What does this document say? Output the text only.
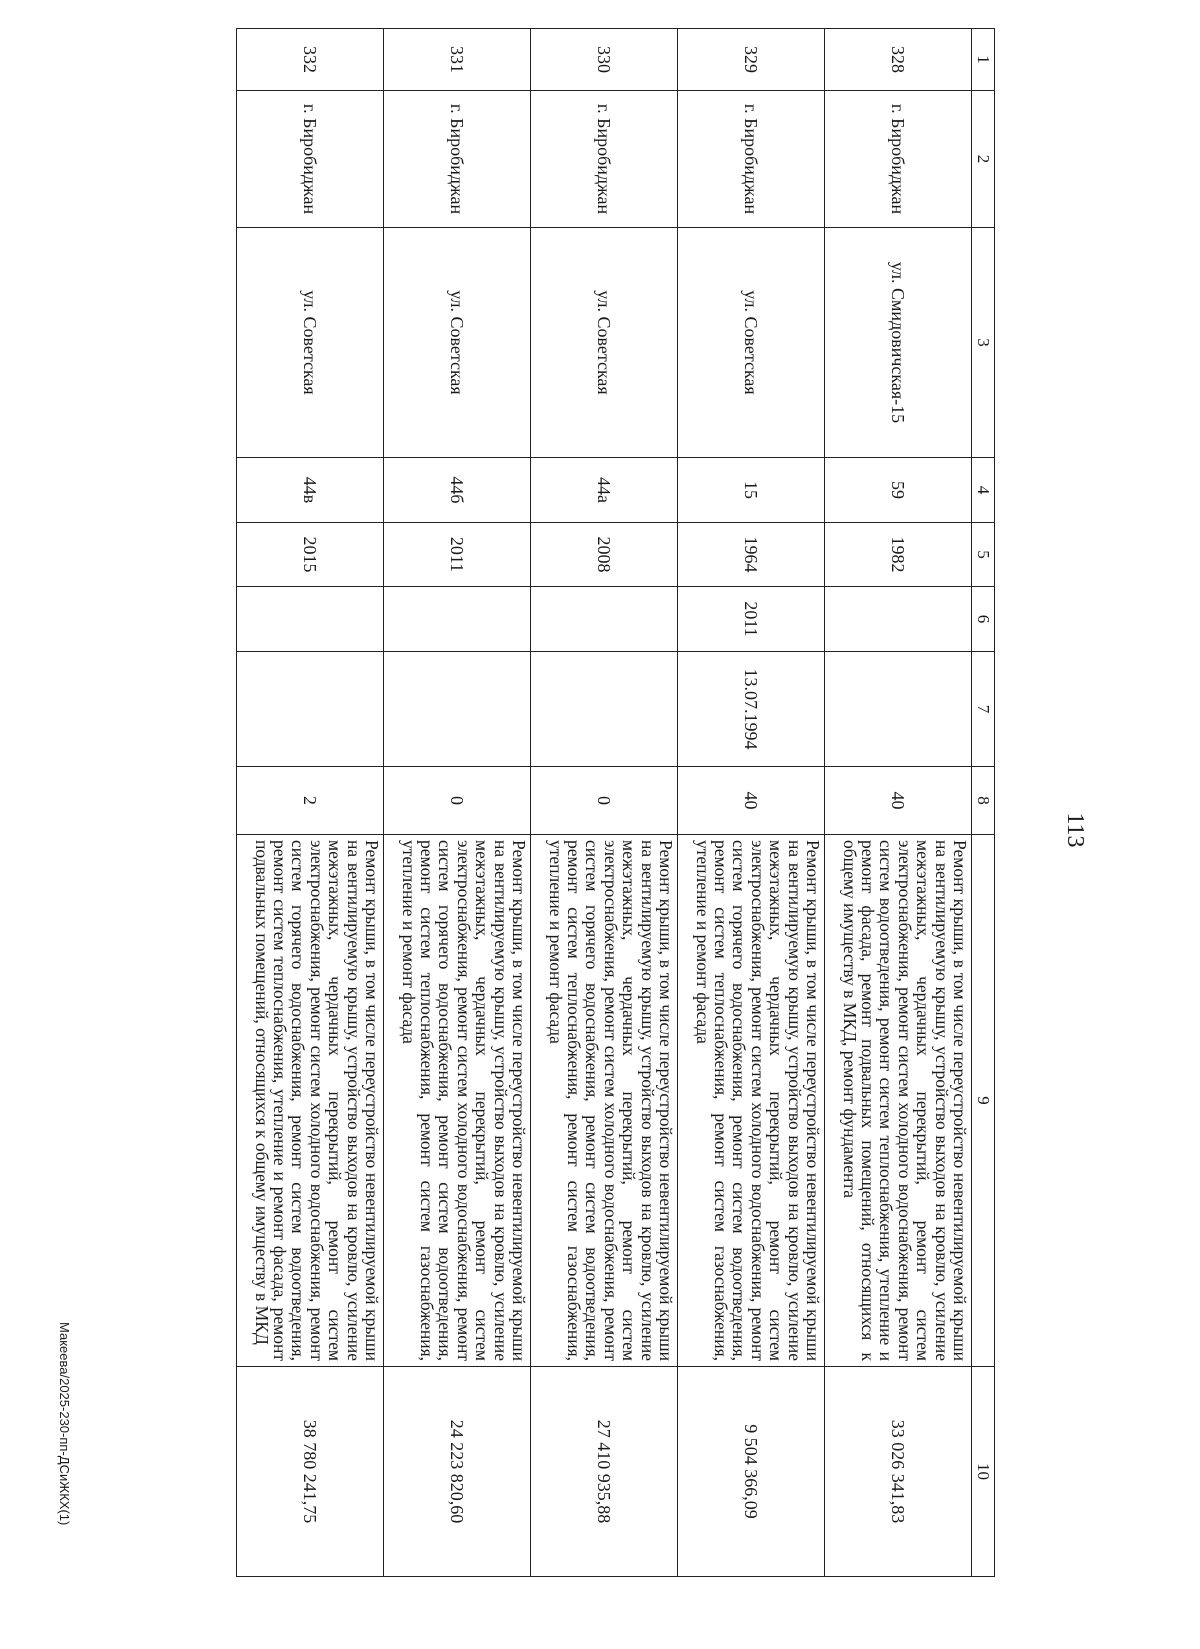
113
1	2	3	4	5	6	7	8	9	10
328	г. Биробиджан	ул. Смидовичская-15	59	1982			40	Ремонт крыши, в том числе переустройство невентилируемой крыши на вентилируемую крышу, устройство выходов на кровлю, усиление межэтажных, чердачных перекрытий, ремонт систем электроснабжения, ремонт систем холодного водоснабжения, ремонт систем водоотведения, ремонт систем теплоснабжения, утепление и ремонт фасада, ремонт подвальных помещений, относящихся к общему имуществу в МКД, ремонт фундамента	33 026 341,83
329	г. Биробиджан	ул. Советская	15	1964	2011	13.07.1994	40	Ремонт крыши, в том числе переустройство невентилируемой крыши на вентилируемую крышу, устройство выходов на кровлю, усиление межэтажных, чердачных перекрытий, ремонт систем электроснабжения, ремонт систем холодного водоснабжения, ремонт систем горячего водоснабжения, ремонт систем водоотведения, ремонт систем теплоснабжения, ремонт систем газоснабжения, утепление и ремонт фасада	9 504 366,09
330	г. Биробиджан	ул. Советская	44а	2008			0	Ремонт крыши, в том числе переустройство невентилируемой крыши на вентилируемую крышу, устройство выходов на кровлю, усиление межэтажных, чердачных перекрытий, ремонт систем электроснабжения, ремонт систем холодного водоснабжения, ремонт систем горячего водоснабжения, ремонт систем водоотведения, ремонт систем теплоснабжения, ремонт систем газоснабжения, утепление и ремонт фасада	27 410 935,88
331	г. Биробиджан	ул. Советская	44б	2011			0	Ремонт крыши, в том числе переустройство невентилируемой крыши на вентилируемую крышу, устройство выходов на кровлю, усиление межэтажных, чердачных перекрытий, ремонт систем электроснабжения, ремонт систем холодного водоснабжения, ремонт систем горячего водоснабжения, ремонт систем водоотведения, ремонт систем теплоснабжения, ремонт систем газоснабжения, утепление и ремонт фасада	24 223 820,60
332	г. Биробиджан	ул. Советская	44в	2015			2	Ремонт крыши, в том числе переустройство невентилируемой крыши на вентилируемую крышу, устройство выходов на кровлю, усиление межэтажных, чердачных перекрытий, ремонт систем электроснабжения, ремонт систем холодного водоснабжения, ремонт систем горячего водоснабжения, ремонт систем водоотведения, ремонт систем теплоснабжения, утепление и ремонт фасада, ремонт подвальных помещений, относящихся к общему имуществу в МКД	38 780 241,75
Макеева/2025-230-пп-ДСиЖКХ(1)
